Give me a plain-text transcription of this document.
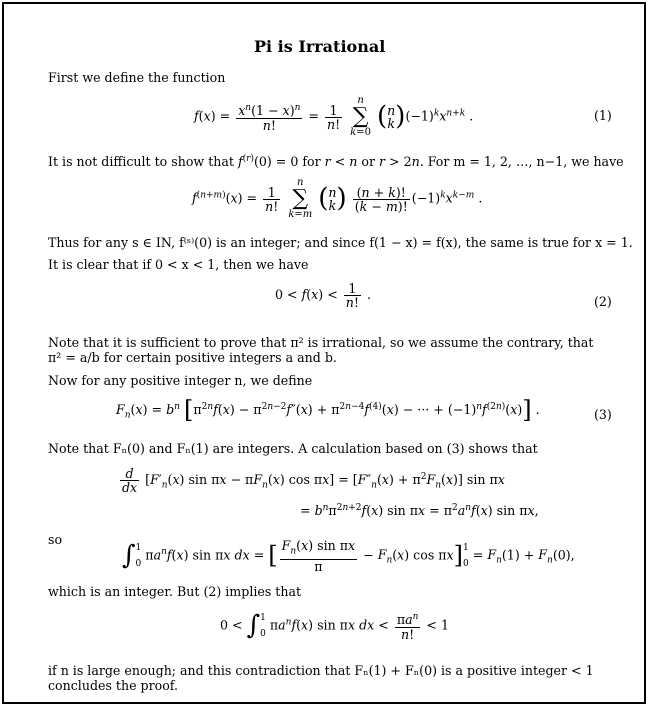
Pi is Irrational
First we define the function
$f(x) = \frac{x^n(1 - x)^n}{n!} = \frac{1}{n!}$
n
∑
k=0 (n
$k)(-1)^kx^{n+k}$ .	(1)
It is not difficult to show that $f^{(r)}(0) = 0$ for r < n or r > 2n. For m = 1, 2, …, n−1, we have
$f^{(n+m)}(x) = \frac{1}{n!}$
n
∑
k=m (n
$k) \frac{(n + k)!}{(k - m)!} (-1)^kx^{k-m}$ .
Thus for any s ∈ IN, f⁽ˢ⁾(0) is an integer; and since f(1 − x) = f(x), the same is true for x = 1.
It is clear that if 0 < x < 1, then we have
$0 < f(x) < \frac{1}{n!}$ .	(2)
Note that it is sufficient to prove that π² is irrational, so we assume the contrary, that
π² = a/b for certain positive integers a and b.
Now for any positive integer n, we define
$F_n(x) = b^n$ [$\pi^{2n}f(x) - \pi^{2n-2}f''(x) + \pi^{2n-4}f^{(4)}(x)$ − ··· + $(-1)^nf^{(2n)}(x)$] .	(3)
Note that Fₙ(0) and Fₙ(1) are integers. A calculation based on (3) shows that
$\frac{d}{dx} [F'_n(x)$ $\sin \pi x - \pi F_n(x)$ $\cos \pi x] = [F''_n(x) + \pi^2F_n(x)]$ sin πx
= $b^n\pi^{2n+2}f(x)$ $\sin \pi x = \pi^2a^nf(x)$ sin πx,
so
∫1
0 $\pi a^nf(x)$ sin πx dx = [ $\frac{F_n(x) \sin \pi x}{\pi} - F_n(x)$ cos πx]1
$0 = F_n(1) + F_n(0)$,
which is an integer. But (2) implies that
0 < ∫1
0 $\pi a^nf(x)$ sin πx dx < $\frac{\pi a^n}{n!} < 1$
if n is large enough; and this contradiction that Fₙ(1) + Fₙ(0) is a positive integer < 1
concludes the proof.
